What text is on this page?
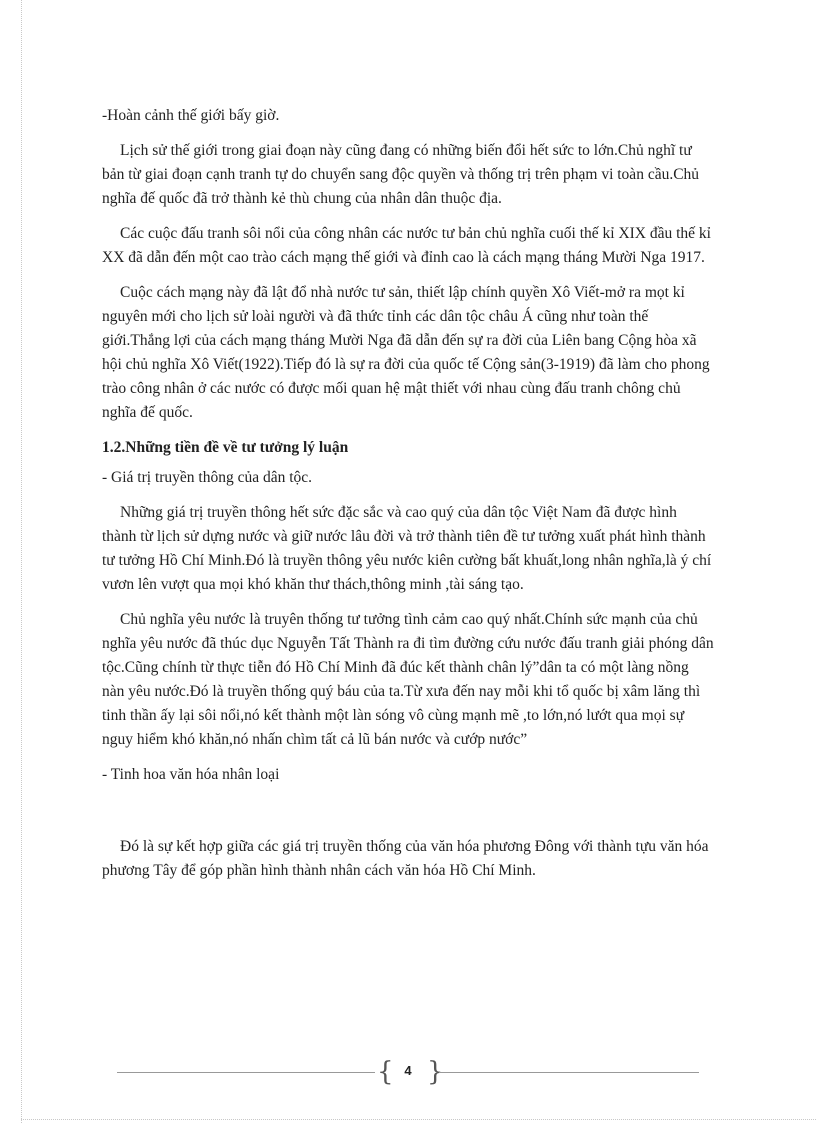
-Hoàn cảnh thế giới bấy giờ.

Lịch sử thế giới trong giai đoạn này cũng đang có những biến đổi hết sức to lớn.Chủ nghĩ tư bản từ giai đoạn cạnh tranh tự do chuyển sang độc quyền và thống trị trên phạm vi toàn cầu.Chủ nghĩa đế quốc đã trở thành kẻ thù chung của nhân dân thuộc địa.

Các cuộc đấu tranh sôi nổi của công nhân các nước tư bản chủ nghĩa cuối thế kỉ XIX đầu thế kỉ XX đã dẫn đến một cao trào cách mạng thế giới và đỉnh cao là cách mạng tháng Mười Nga 1917.

Cuộc cách mạng này đã lật đổ nhà nước tư sản, thiết lập chính quyền Xô Viết-mở ra mọt kỉ nguyên mới cho lịch sử loài người và đã thức tỉnh các dân tộc châu Á cũng như toàn thế giới.Thắng lợi của cách mạng tháng Mười Nga đã dẫn đến sự ra đời của Liên bang Cộng hòa xã hội chủ nghĩa Xô Viết(1922).Tiếp đó là sự ra đời của quốc tế Cộng sản(3-1919) đã làm cho phong trào công nhân ở các nước có được mối quan hệ mật thiết với nhau cùng đấu tranh chông chủ nghĩa đế quốc.

1.2.Những tiền đề về tư tưởng lý luận

- Giá trị truyền thông của dân tộc.

Những giá trị truyền thông hết sức đặc sắc và cao quý của dân tộc Việt Nam đã được hình thành từ lịch sử dựng nước và giữ nước lâu đời và trở thành tiên đề tư tưởng xuất phát hình thành tư tưởng Hồ Chí Minh.Đó là truyền thông yêu nước kiên cường bất khuất,long nhân nghĩa,là ý chí vươn lên vượt qua mọi khó khăn thư thách,thông minh ,tài sáng tạo.

Chủ nghĩa yêu nước là truyên thống tư tưởng tình cảm cao quý nhất.Chính sức mạnh của chủ nghĩa yêu nước đã thúc dục Nguyễn Tất Thành ra đi tìm đường cứu nước đấu tranh giải phóng dân tộc.Cũng chính từ thực tiễn đó Hồ Chí Minh đã đúc kết thành chân lý”dân ta có một làng nồng nàn yêu nước.Đó là truyền thống quý báu của ta.Từ xưa đến nay mỗi khi tổ quốc bị xâm lăng thì tinh thần ấy lại sôi nổi,nó kết thành một làn sóng vô cùng mạnh mẽ ,to lớn,nó lướt qua mọi sự nguy hiểm khó khăn,nó nhấn chìm tất cả lũ bán nước và cướp nước”

- Tinh hoa văn hóa nhân loại

Đó là sự kết hợp giữa các giá trị truyền thống của văn hóa phương Đông với thành tựu văn hóa phương Tây để góp phần hình thành nhân cách văn hóa Hồ Chí Minh.

{ 4 }
